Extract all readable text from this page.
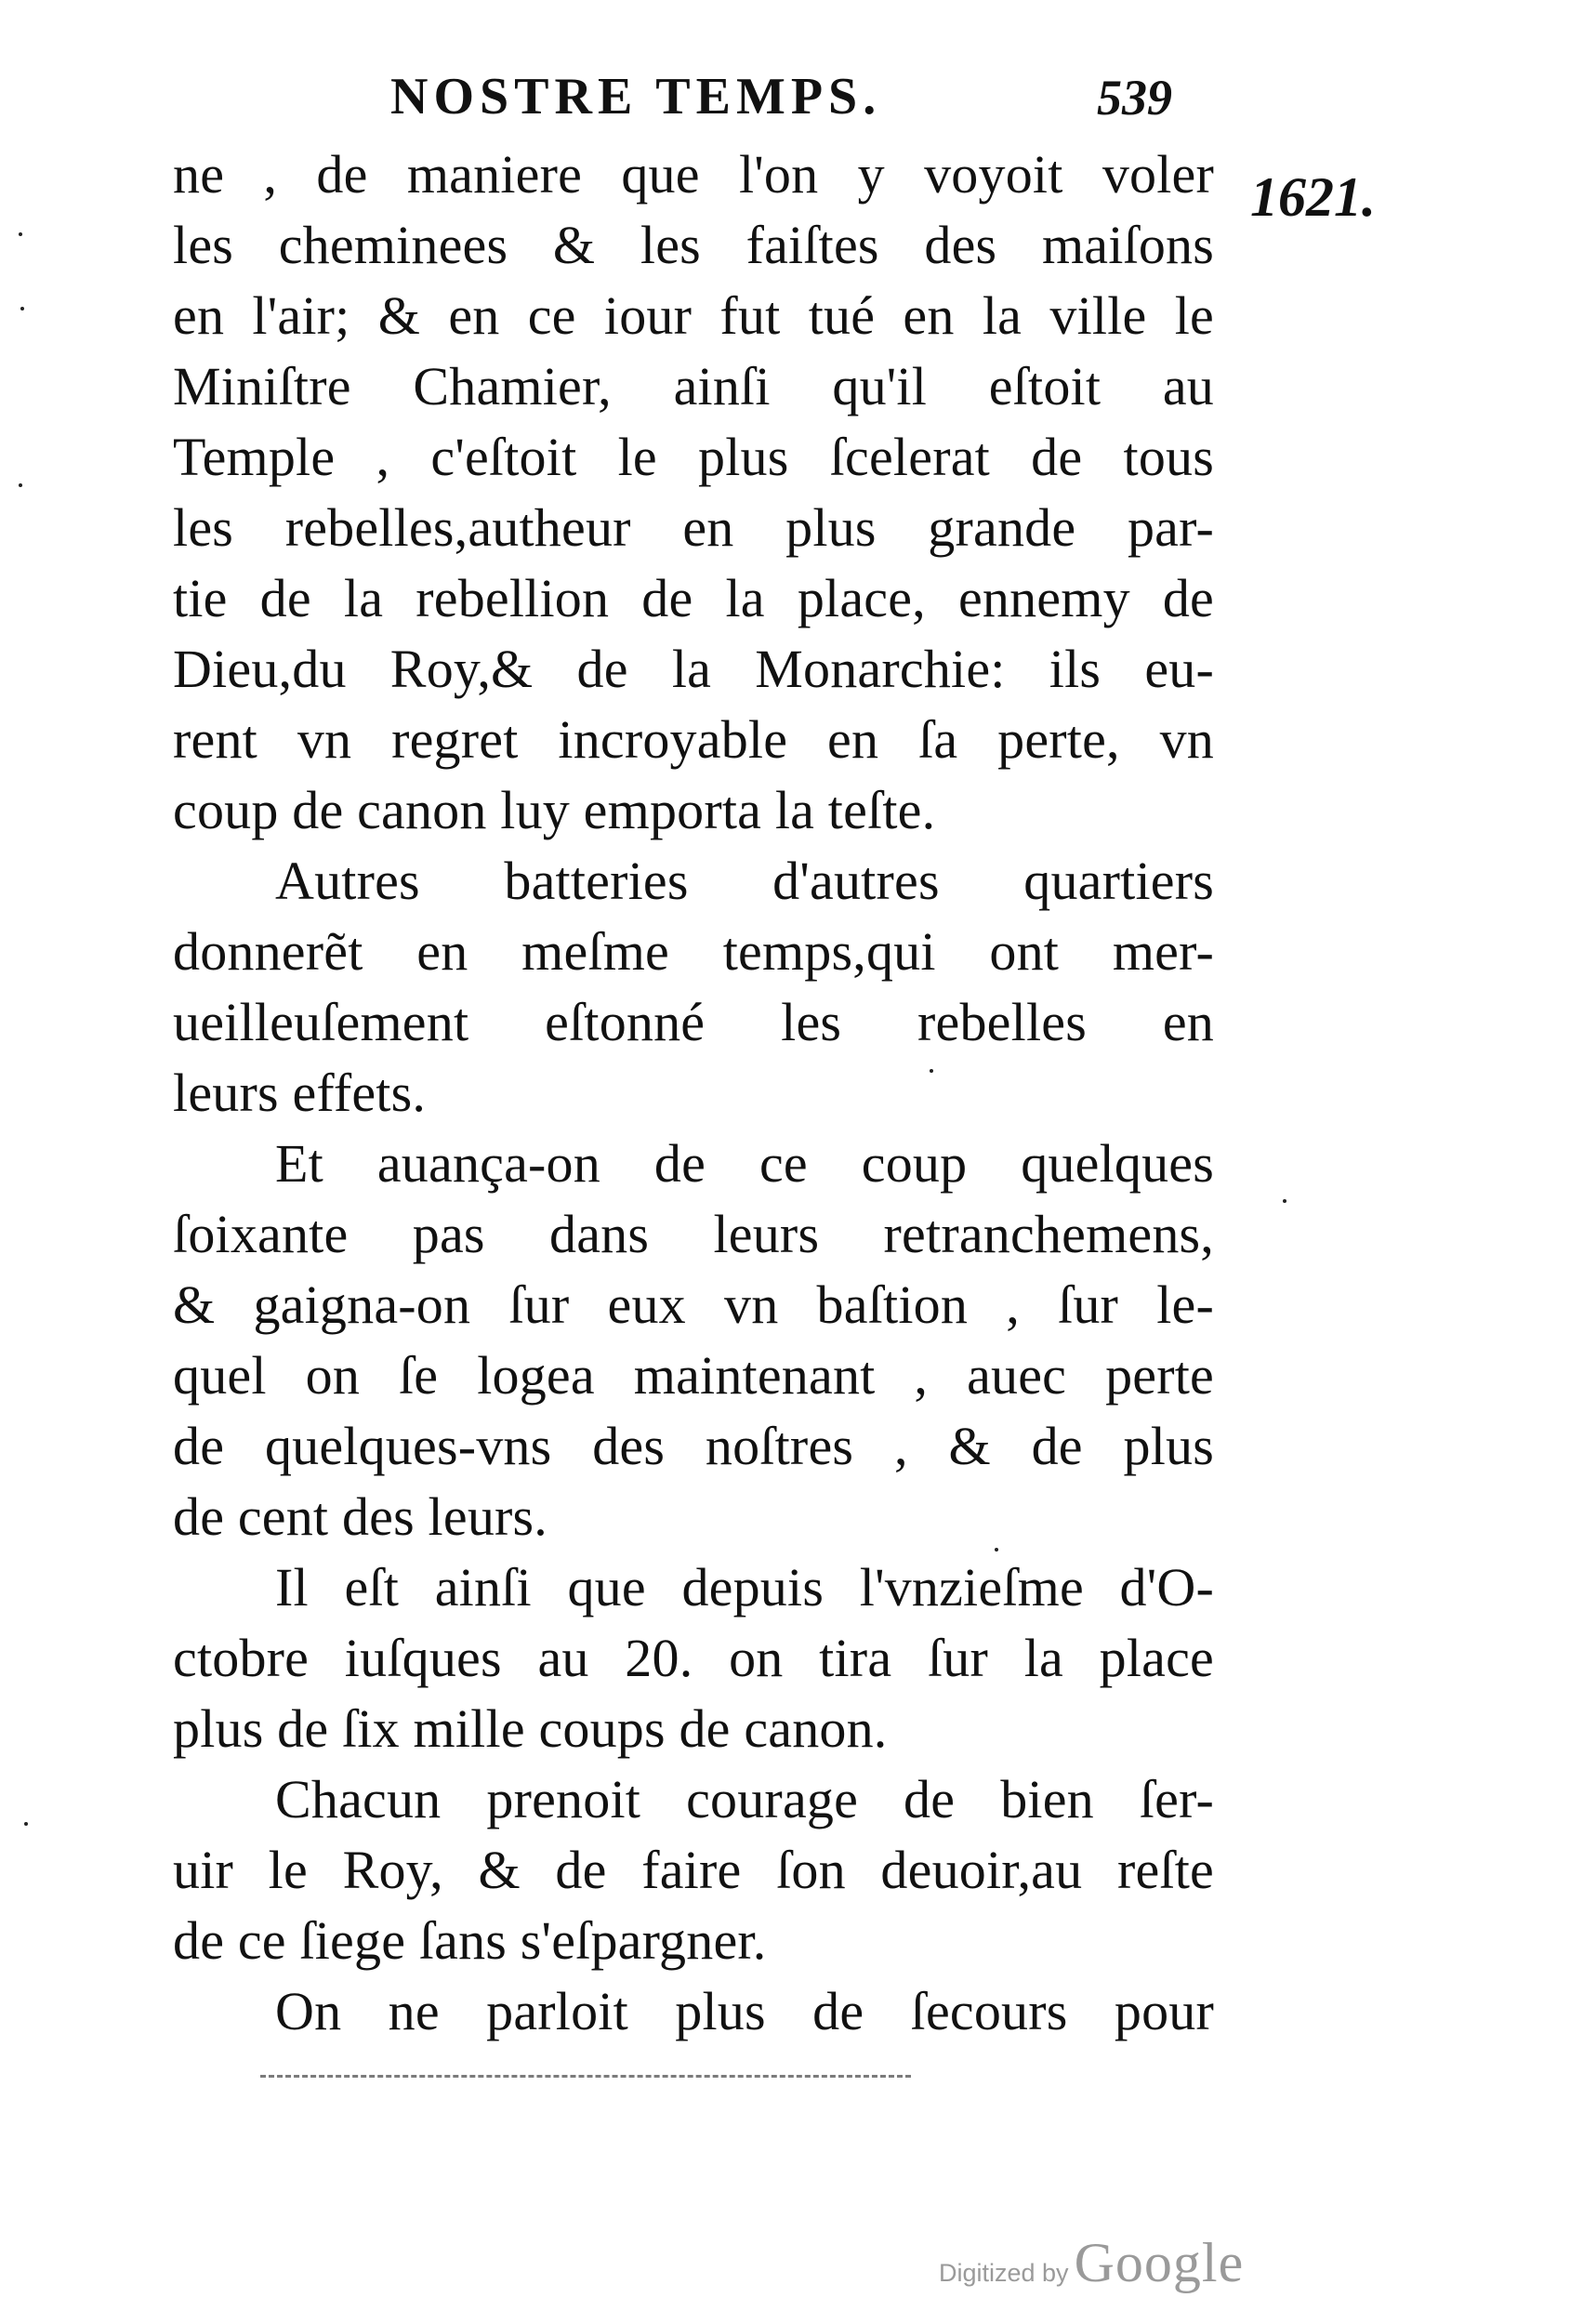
NOSTRE TEMPS.	539
1621.
ne , de maniere que l'on y voyoit voler
les cheminees & les faiſtes des maiſons
en l'air; & en ce iour fut tué en la ville le
Miniſtre Chamier, ainſi qu'il eſtoit au
Temple , c'eſtoit le plus ſcelerat de tous
les rebelles,autheur en plus grande par-
tie de la rebellion de la place, ennemy de
Dieu,du Roy,& de la Monarchie: ils eu-
rent vn regret incroyable en ſa perte, vn
coup de canon luy emporta la teſte.
Autres batteries d'autres quartiers
donnerẽt en meſme temps,qui ont mer-
ueilleuſement eſtonné les rebelles en
leurs effets.
Et auança-on de ce coup quelques
ſoixante pas dans leurs retranchemens,
& gaigna-on ſur eux vn baſtion , ſur le-
quel on ſe logea maintenant , auec perte
de quelques-vns des noſtres , & de plus
de cent des leurs.
Il eſt ainſi que depuis l'vnzieſme d'O-
ctobre iuſques au 20. on tira ſur la place
plus de ſix mille coups de canon.
Chacun prenoit courage de bien ſer-
uir le Roy, & de faire ſon deuoir,au reſte
de ce ſiege ſans s'eſpargner.
On ne parloit plus de ſecours pour
Digitized by Google
